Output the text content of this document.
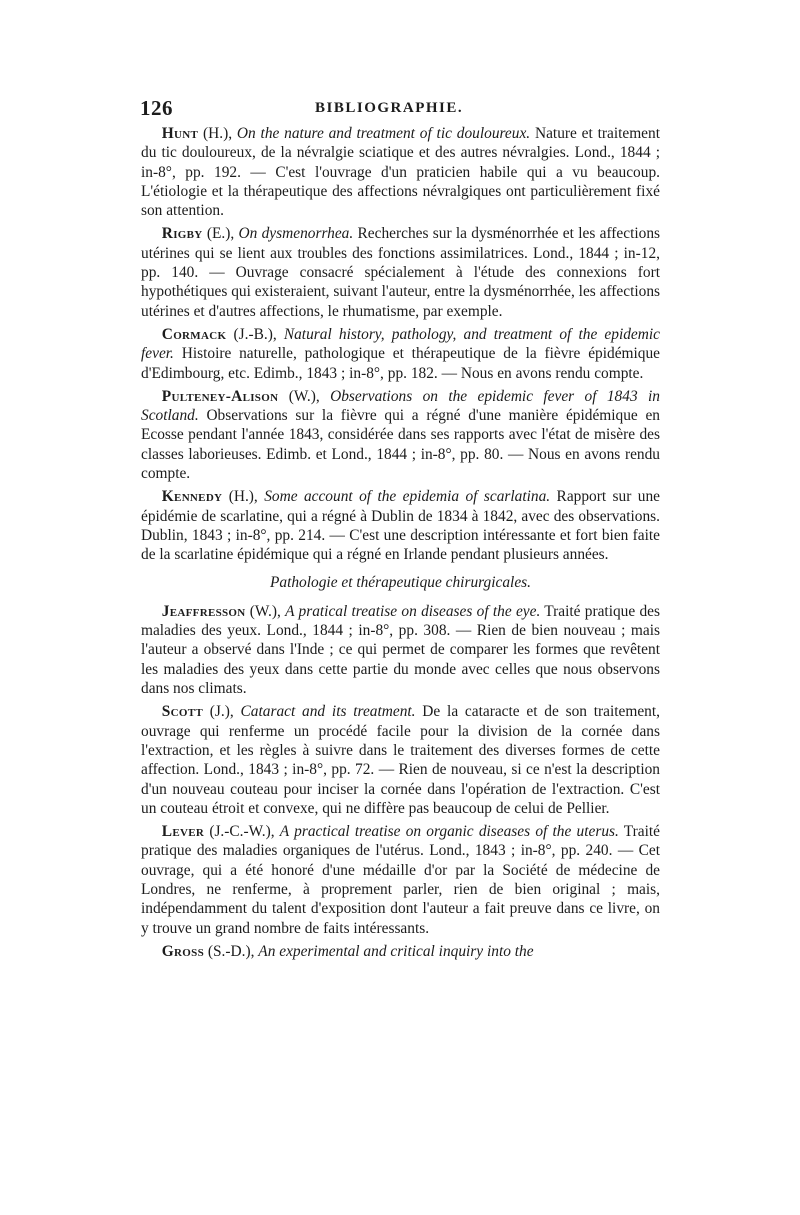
126	BIBLIOGRAPHIE.

Hunt (H.), On the nature and treatment of tic douloureux. Nature et traitement du tic douloureux, de la névralgie sciatique et des autres névralgies. Lond., 1844 ; in-8°, pp. 192. — C'est l'ouvrage d'un praticien habile qui a vu beaucoup. L'étiologie et la thérapeutique des affections névralgiques ont particulièrement fixé son attention.

Rigby (E.), On dysmenorrhea. Recherches sur la dysménorrhée et les affections utérines qui se lient aux troubles des fonctions assimilatrices. Lond., 1844 ; in-12, pp. 140. — Ouvrage consacré spécialement à l'étude des connexions fort hypothétiques qui existeraient, suivant l'auteur, entre la dysménorrhée, les affections utérines et d'autres affections, le rhumatisme, par exemple.

Cormack (J.-B.), Natural history, pathology, and treatment of the epidemic fever. Histoire naturelle, pathologique et thérapeutique de la fièvre épidémique d'Edimbourg, etc. Edimb., 1843 ; in-8°, pp. 182. — Nous en avons rendu compte.

Pulteney-Alison (W.), Observations on the epidemic fever of 1843 in Scotland. Observations sur la fièvre qui a régné d'une manière épidémique en Ecosse pendant l'année 1843, considérée dans ses rapports avec l'état de misère des classes laborieuses. Edimb. et Lond., 1844 ; in-8°, pp. 80. — Nous en avons rendu compte.

Kennedy (H.), Some account of the epidemia of scarlatina. Rapport sur une épidémie de scarlatine, qui a régné à Dublin de 1834 à 1842, avec des observations. Dublin, 1843 ; in-8°, pp. 214. — C'est une description intéressante et fort bien faite de la scarlatine épidémique qui a régné en Irlande pendant plusieurs années.

Pathologie et thérapeutique chirurgicales.

Jeaffresson (W.), A pratical treatise on diseases of the eye. Traité pratique des maladies des yeux. Lond., 1844 ; in-8°, pp. 308. — Rien de bien nouveau ; mais l'auteur a observé dans l'Inde ; ce qui permet de comparer les formes que revêtent les maladies des yeux dans cette partie du monde avec celles que nous observons dans nos climats.

Scott (J.), Cataract and its treatment. De la cataracte et de son traitement, ouvrage qui renferme un procédé facile pour la division de la cornée dans l'extraction, et les règles à suivre dans le traitement des diverses formes de cette affection. Lond., 1843 ; in-8°, pp. 72. — Rien de nouveau, si ce n'est la description d'un nouveau couteau pour inciser la cornée dans l'opération de l'extraction. C'est un couteau étroit et convexe, qui ne diffère pas beaucoup de celui de Pellier.

Lever (J.-C.-W.), A practical treatise on organic diseases of the uterus. Traité pratique des maladies organiques de l'utérus. Lond., 1843 ; in-8°, pp. 240. — Cet ouvrage, qui a été honoré d'une médaille d'or par la Société de médecine de Londres, ne renferme, à proprement parler, rien de bien original ; mais, indépendamment du talent d'exposition dont l'auteur a fait preuve dans ce livre, on y trouve un grand nombre de faits intéressants.

Gross (S.-D.), An experimental and critical inquiry into the
